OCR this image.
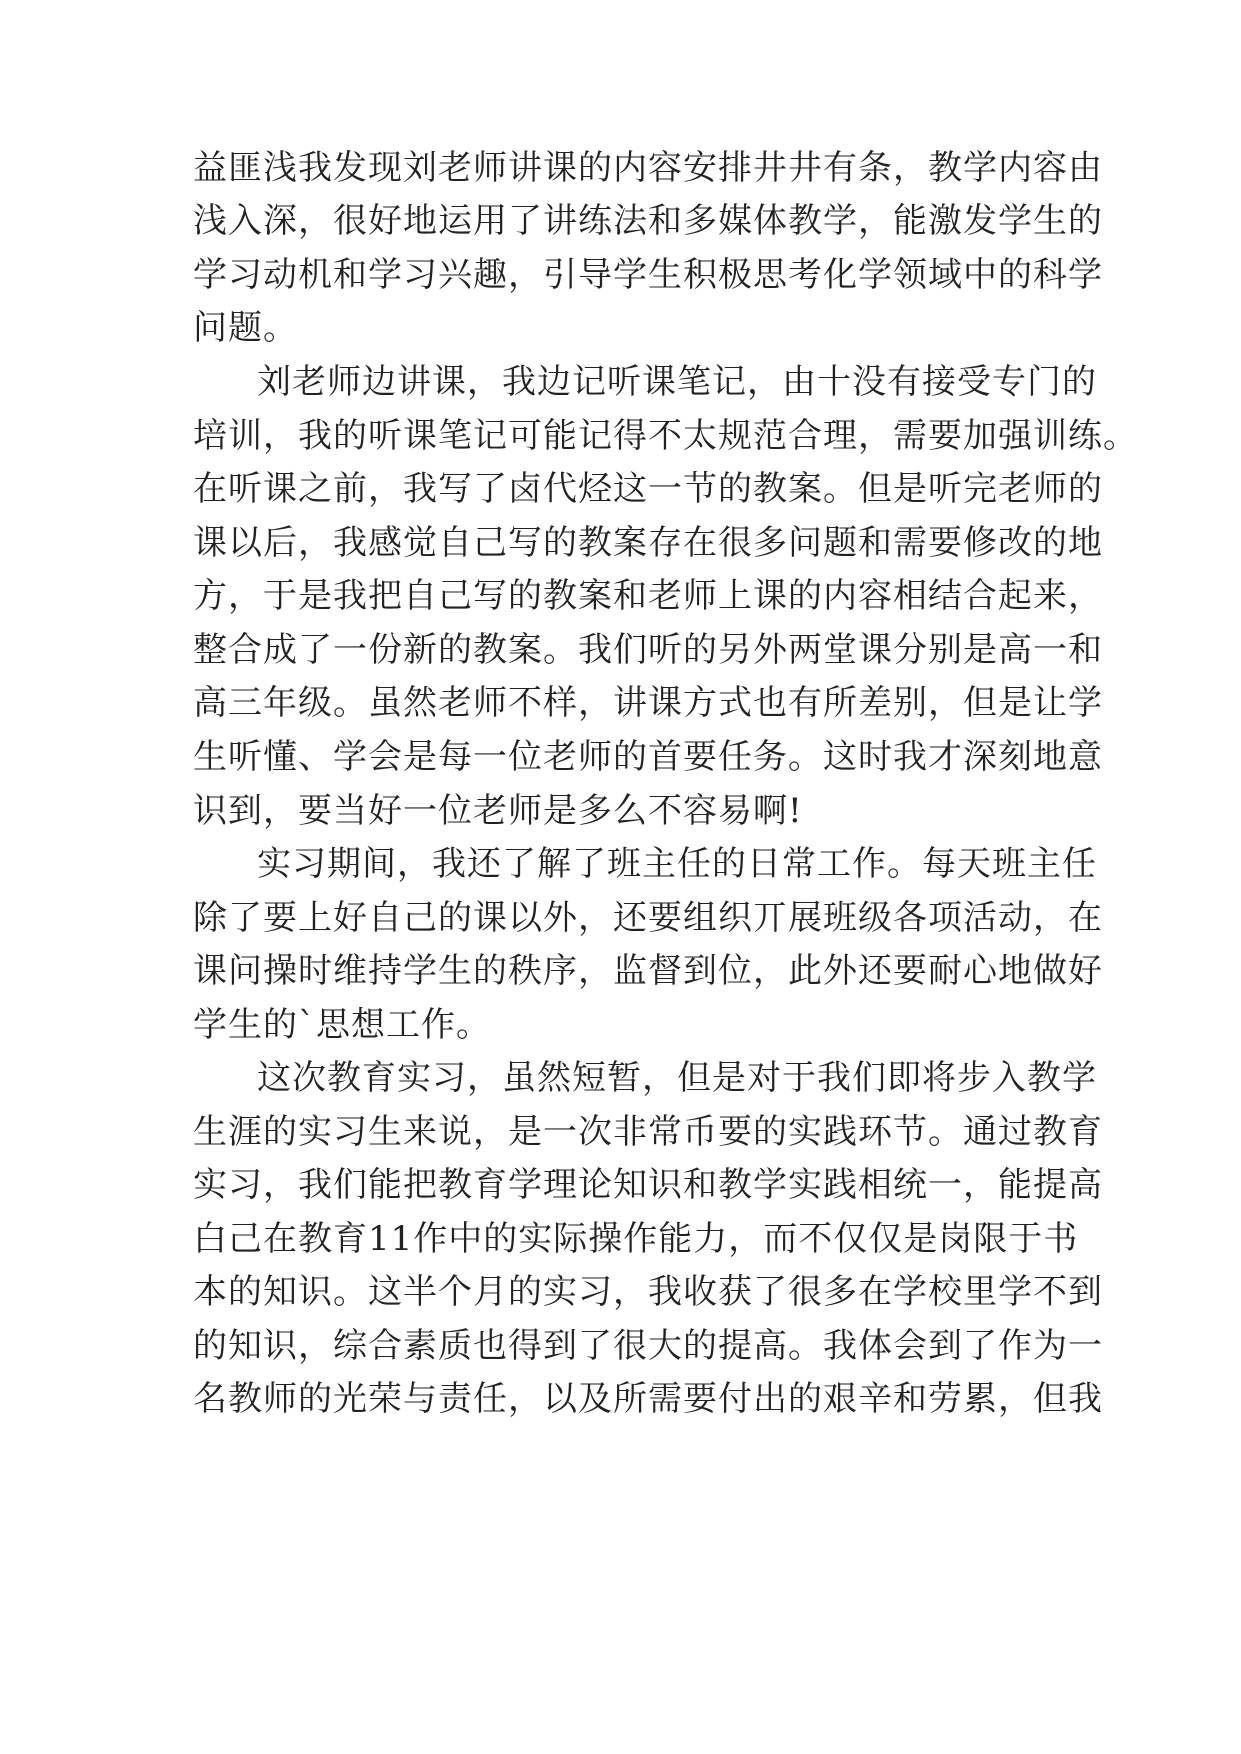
益匪浅我发现刘老师讲课的内容安排井井有条，教学内容由
浅入深，很好地运用了讲练法和多媒体教学，能激发学生的
学习动机和学习兴趣，引导学生积极思考化学领域中的科学
问题。
刘老师边讲课，我边记听课笔记，由十没有接受专门的
培训，我的听课笔记可能记得不太规范合理，需要加强训练。
在听课之前，我写了卤代烃这一节的教案。但是听完老师的
课以后，我感觉自己写的教案存在很多问题和需要修改的地
方，于是我把自己写的教案和老师上课的内容相结合起来，
整合成了一份新的教案。我们听的另外两堂课分别是高一和
高三年级。虽然老师不样，讲课方式也有所差别，但是让学
生听懂、学会是每一位老师的首要任务。这时我才深刻地意
识到，要当好一位老师是多么不容易啊!
实习期间，我还了解了班主任的日常工作。每天班主任
除了要上好自己的课以外，还要组织丌展班级各项活动，在
课问操时维持学生的秩序，监督到位，此外还要耐心地做好
学生的`思想工作。
这次教育实习，虽然短暂，但是对于我们即将步入教学
生涯的实习生来说，是一次非常币要的实践环节。通过教育
实习，我们能把教育学理论知识和教学实践相统一，能提高
白己在教育11作中的实际操作能力，而不仅仅是岗限于书
本的知识。这半个月的实习，我收获了很多在学校里学不到
的知识，综合素质也得到了很大的提高。我体会到了作为一
名教师的光荣与责任，以及所需要付出的艰辛和劳累，但我
